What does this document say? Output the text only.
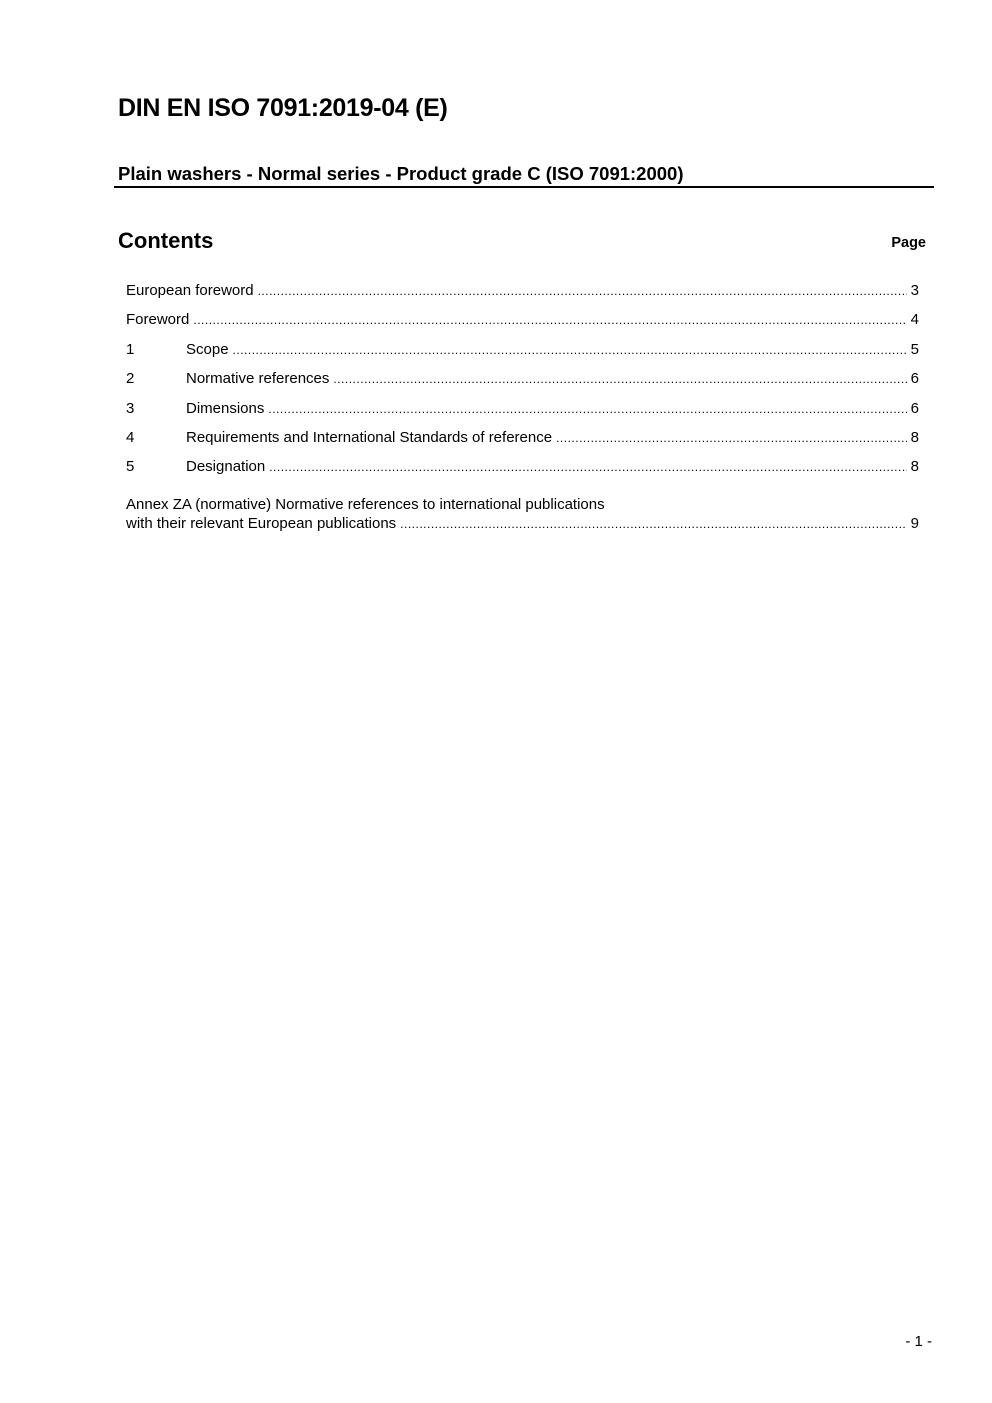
DIN EN ISO 7091:2019-04 (E)
Plain washers - Normal series - Product grade C (ISO 7091:2000)
Contents	Page
European foreword .....	3
Foreword .....	4
1	Scope .....	5
2	Normative references .....	6
3	Dimensions .....	6
4	Requirements and International Standards of reference .....	8
5	Designation .....	8
Annex ZA (normative) Normative references to international publications
with their relevant European publications .....	9
- 1 -
